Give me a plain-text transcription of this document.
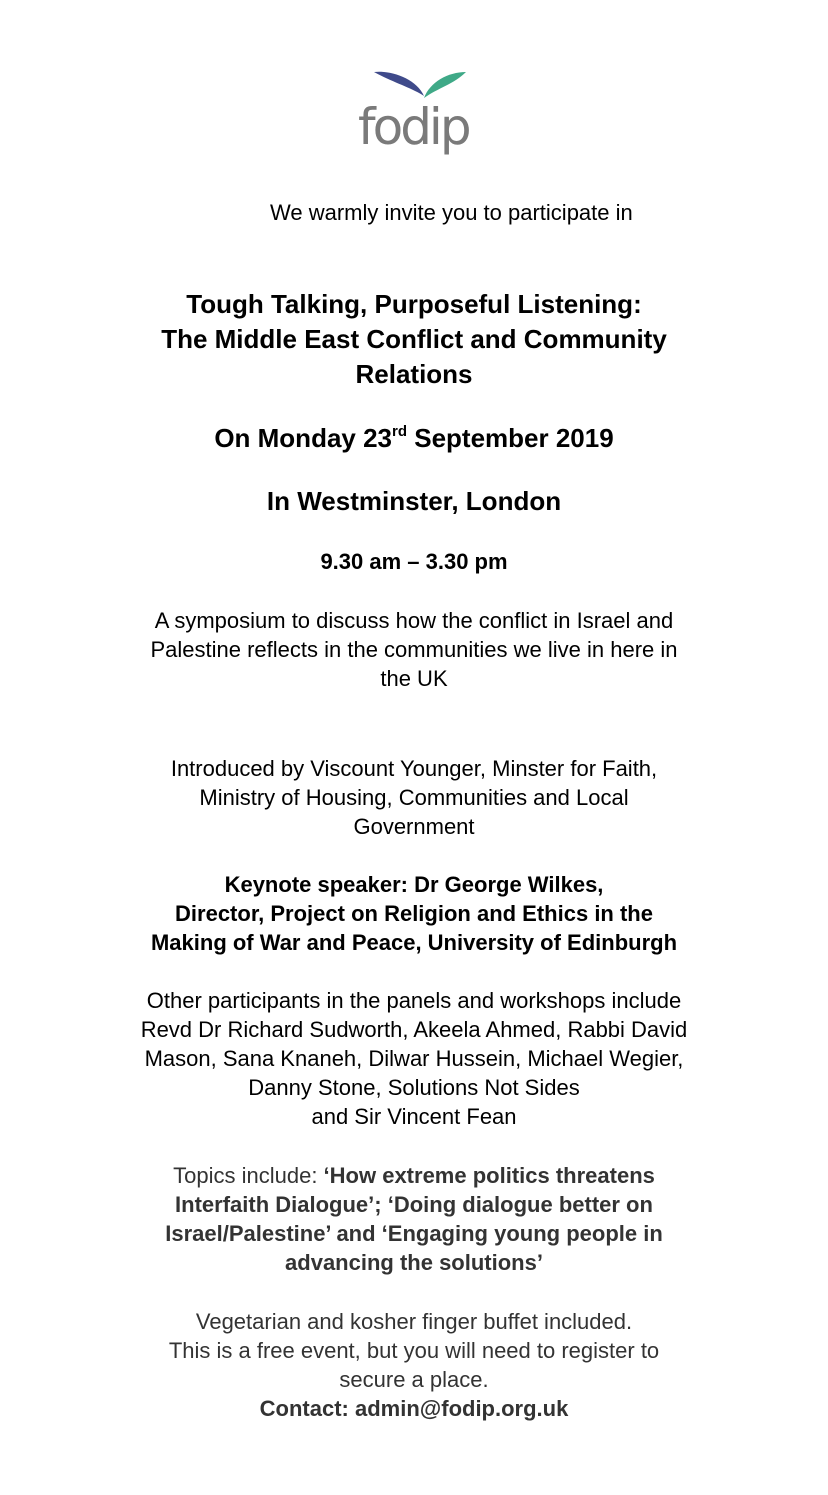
fodip

We warmly invite you to participate in

Tough Talking, Purposeful Listening:
The Middle East Conflict and Community
Relations

On Monday 23rd September 2019

In Westminster, London

9.30 am – 3.30 pm

A symposium to discuss how the conflict in Israel and
Palestine reflects in the communities we live in here in
the UK

Introduced by Viscount Younger, Minster for Faith,
Ministry of Housing, Communities and Local
Government

Keynote speaker: Dr George Wilkes,
Director, Project on Religion and Ethics in the
Making of War and Peace, University of Edinburgh

Other participants in the panels and workshops include
Revd Dr Richard Sudworth, Akeela Ahmed, Rabbi David
Mason, Sana Knaneh, Dilwar Hussein, Michael Wegier,
Danny Stone, Solutions Not Sides
and Sir Vincent Fean

Topics include: ‘How extreme politics threatens
Interfaith Dialogue’; ‘Doing dialogue better on
Israel/Palestine’ and ‘Engaging young people in
advancing the solutions’

Vegetarian and kosher finger buffet included.
This is a free event, but you will need to register to
secure a place.
Contact: admin@fodip.org.uk
